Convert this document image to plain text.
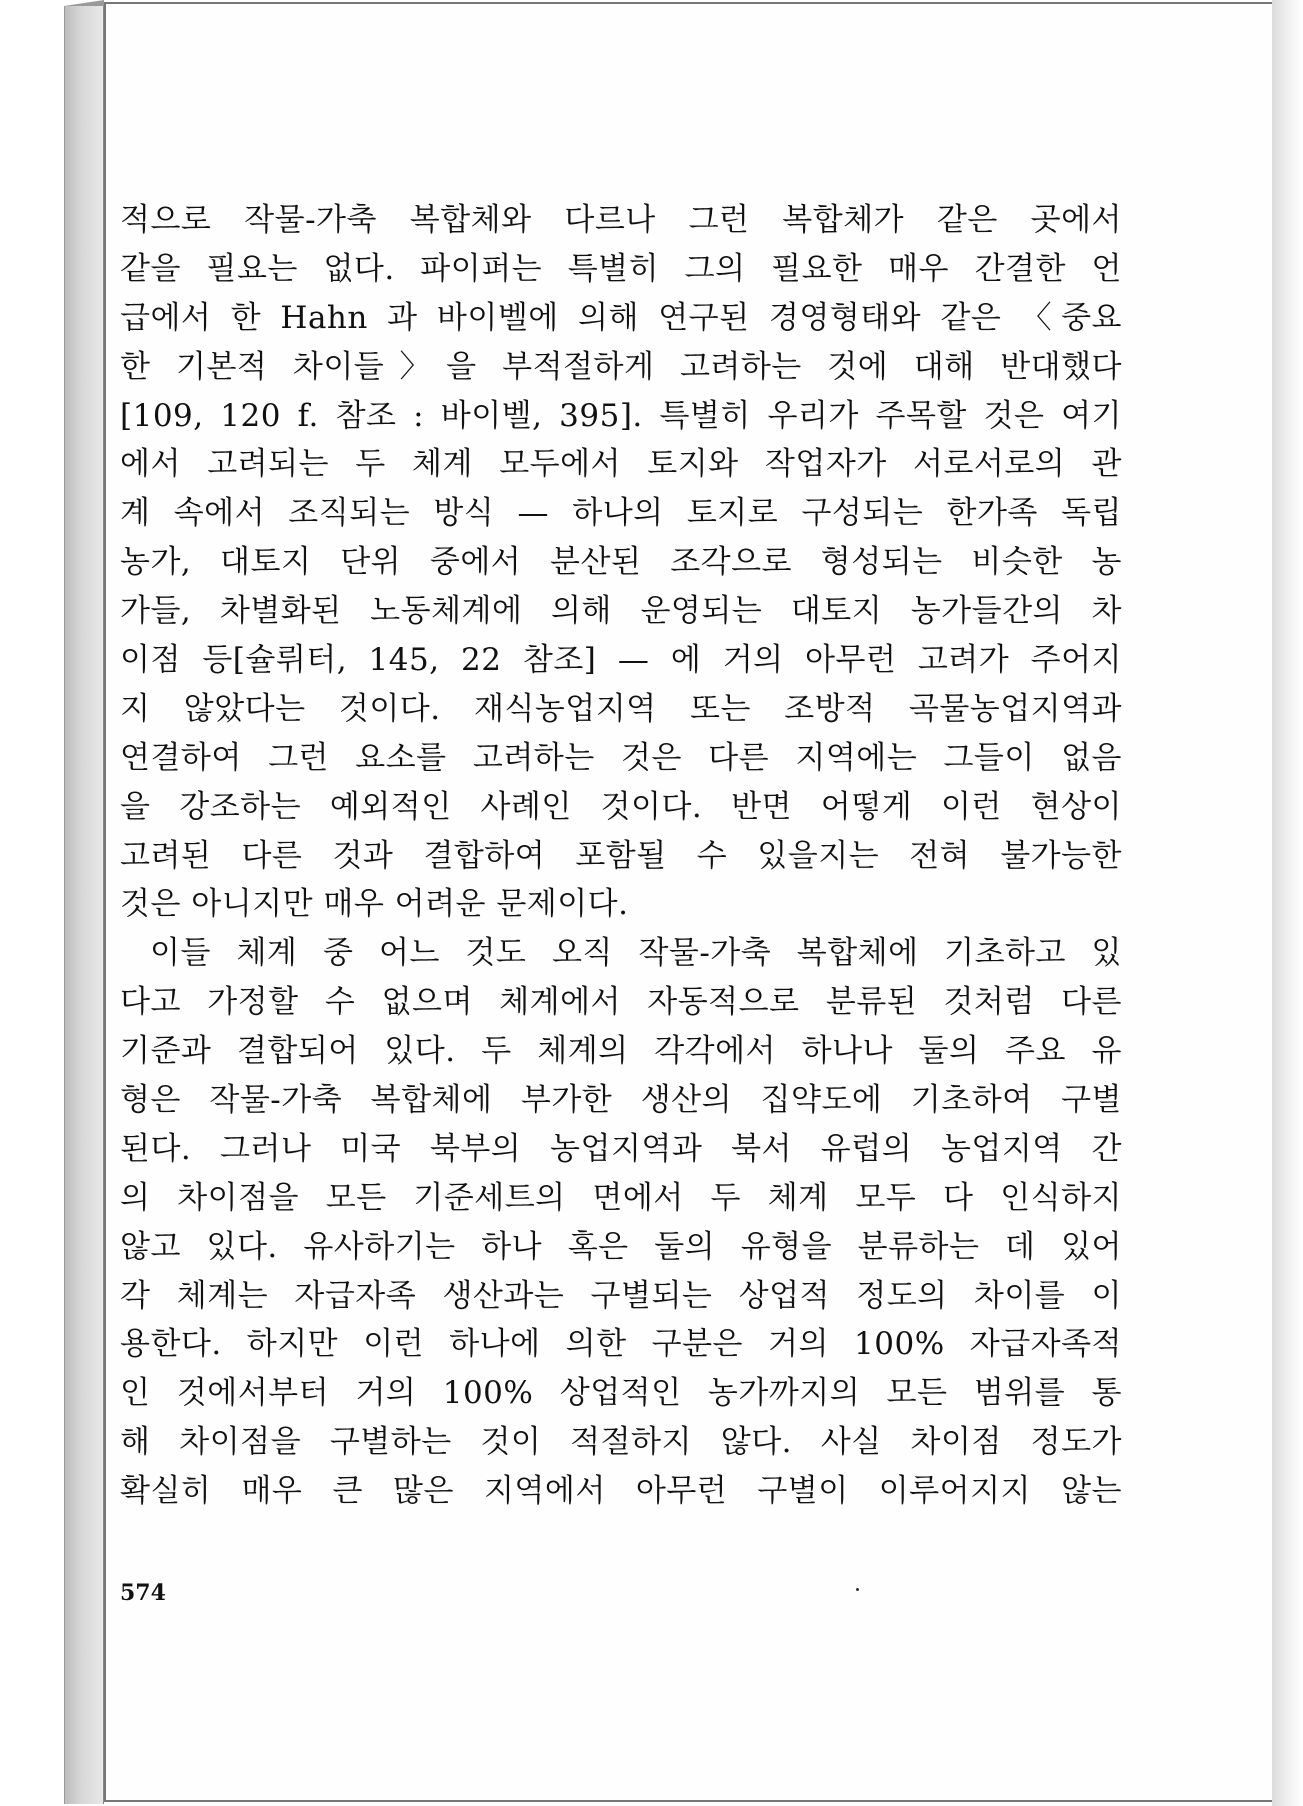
적으로 작물-가축 복합체와 다르나 그런 복합체가 같은 곳에서
같을 필요는 없다. 파이퍼는 특별히 그의 필요한 매우 간결한 언
급에서 한 Hahn 과 바이벨에 의해 연구된 경영형태와 같은 〈중요
한 기본적 차이들〉을 부적절하게 고려하는 것에 대해 반대했다
[109, 120 f. 참조 : 바이벨, 395]. 특별히 우리가 주목할 것은 여기
에서 고려되는 두 체계 모두에서 토지와 작업자가 서로서로의 관
계 속에서 조직되는 방식 — 하나의 토지로 구성되는 한가족 독립
농가, 대토지 단위 중에서 분산된 조각으로 형성되는 비슷한 농
가들, 차별화된 노동체계에 의해 운영되는 대토지 농가들간의 차
이점 등[슐뤼터, 145, 22 참조] — 에 거의 아무런 고려가 주어지
지 않았다는 것이다. 재식농업지역 또는 조방적 곡물농업지역과
연결하여 그런 요소를 고려하는 것은 다른 지역에는 그들이 없음
을 강조하는 예외적인 사례인 것이다. 반면 어떻게 이런 현상이
고려된 다른 것과 결합하여 포함될 수 있을지는 전혀 불가능한
것은 아니지만 매우 어려운 문제이다.
이들 체계 중 어느 것도 오직 작물-가축 복합체에 기초하고 있
다고 가정할 수 없으며 체계에서 자동적으로 분류된 것처럼 다른
기준과 결합되어 있다. 두 체계의 각각에서 하나나 둘의 주요 유
형은 작물-가축 복합체에 부가한 생산의 집약도에 기초하여 구별
된다. 그러나 미국 북부의 농업지역과 북서 유럽의 농업지역 간
의 차이점을 모든 기준세트의 면에서 두 체계 모두 다 인식하지
않고 있다. 유사하기는 하나 혹은 둘의 유형을 분류하는 데 있어
각 체계는 자급자족 생산과는 구별되는 상업적 정도의 차이를 이
용한다. 하지만 이런 하나에 의한 구분은 거의 100% 자급자족적
인 것에서부터 거의 100% 상업적인 농가까지의 모든 범위를 통
해 차이점을 구별하는 것이 적절하지 않다. 사실 차이점 정도가
확실히 매우 큰 많은 지역에서 아무런 구별이 이루어지지 않는
574
